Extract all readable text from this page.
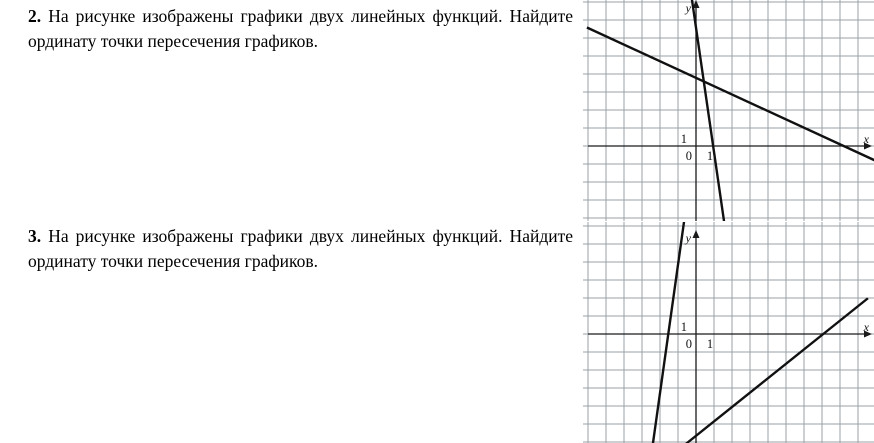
2. На рисунке изображены графики двух линейных функций. Найдите ординату точки пересечения графиков.
3. На рисунке изображены графики двух линейных функций. Найдите ординату точки пересечения графиков.
x
y
1
0 1
x
y
1
0 1
